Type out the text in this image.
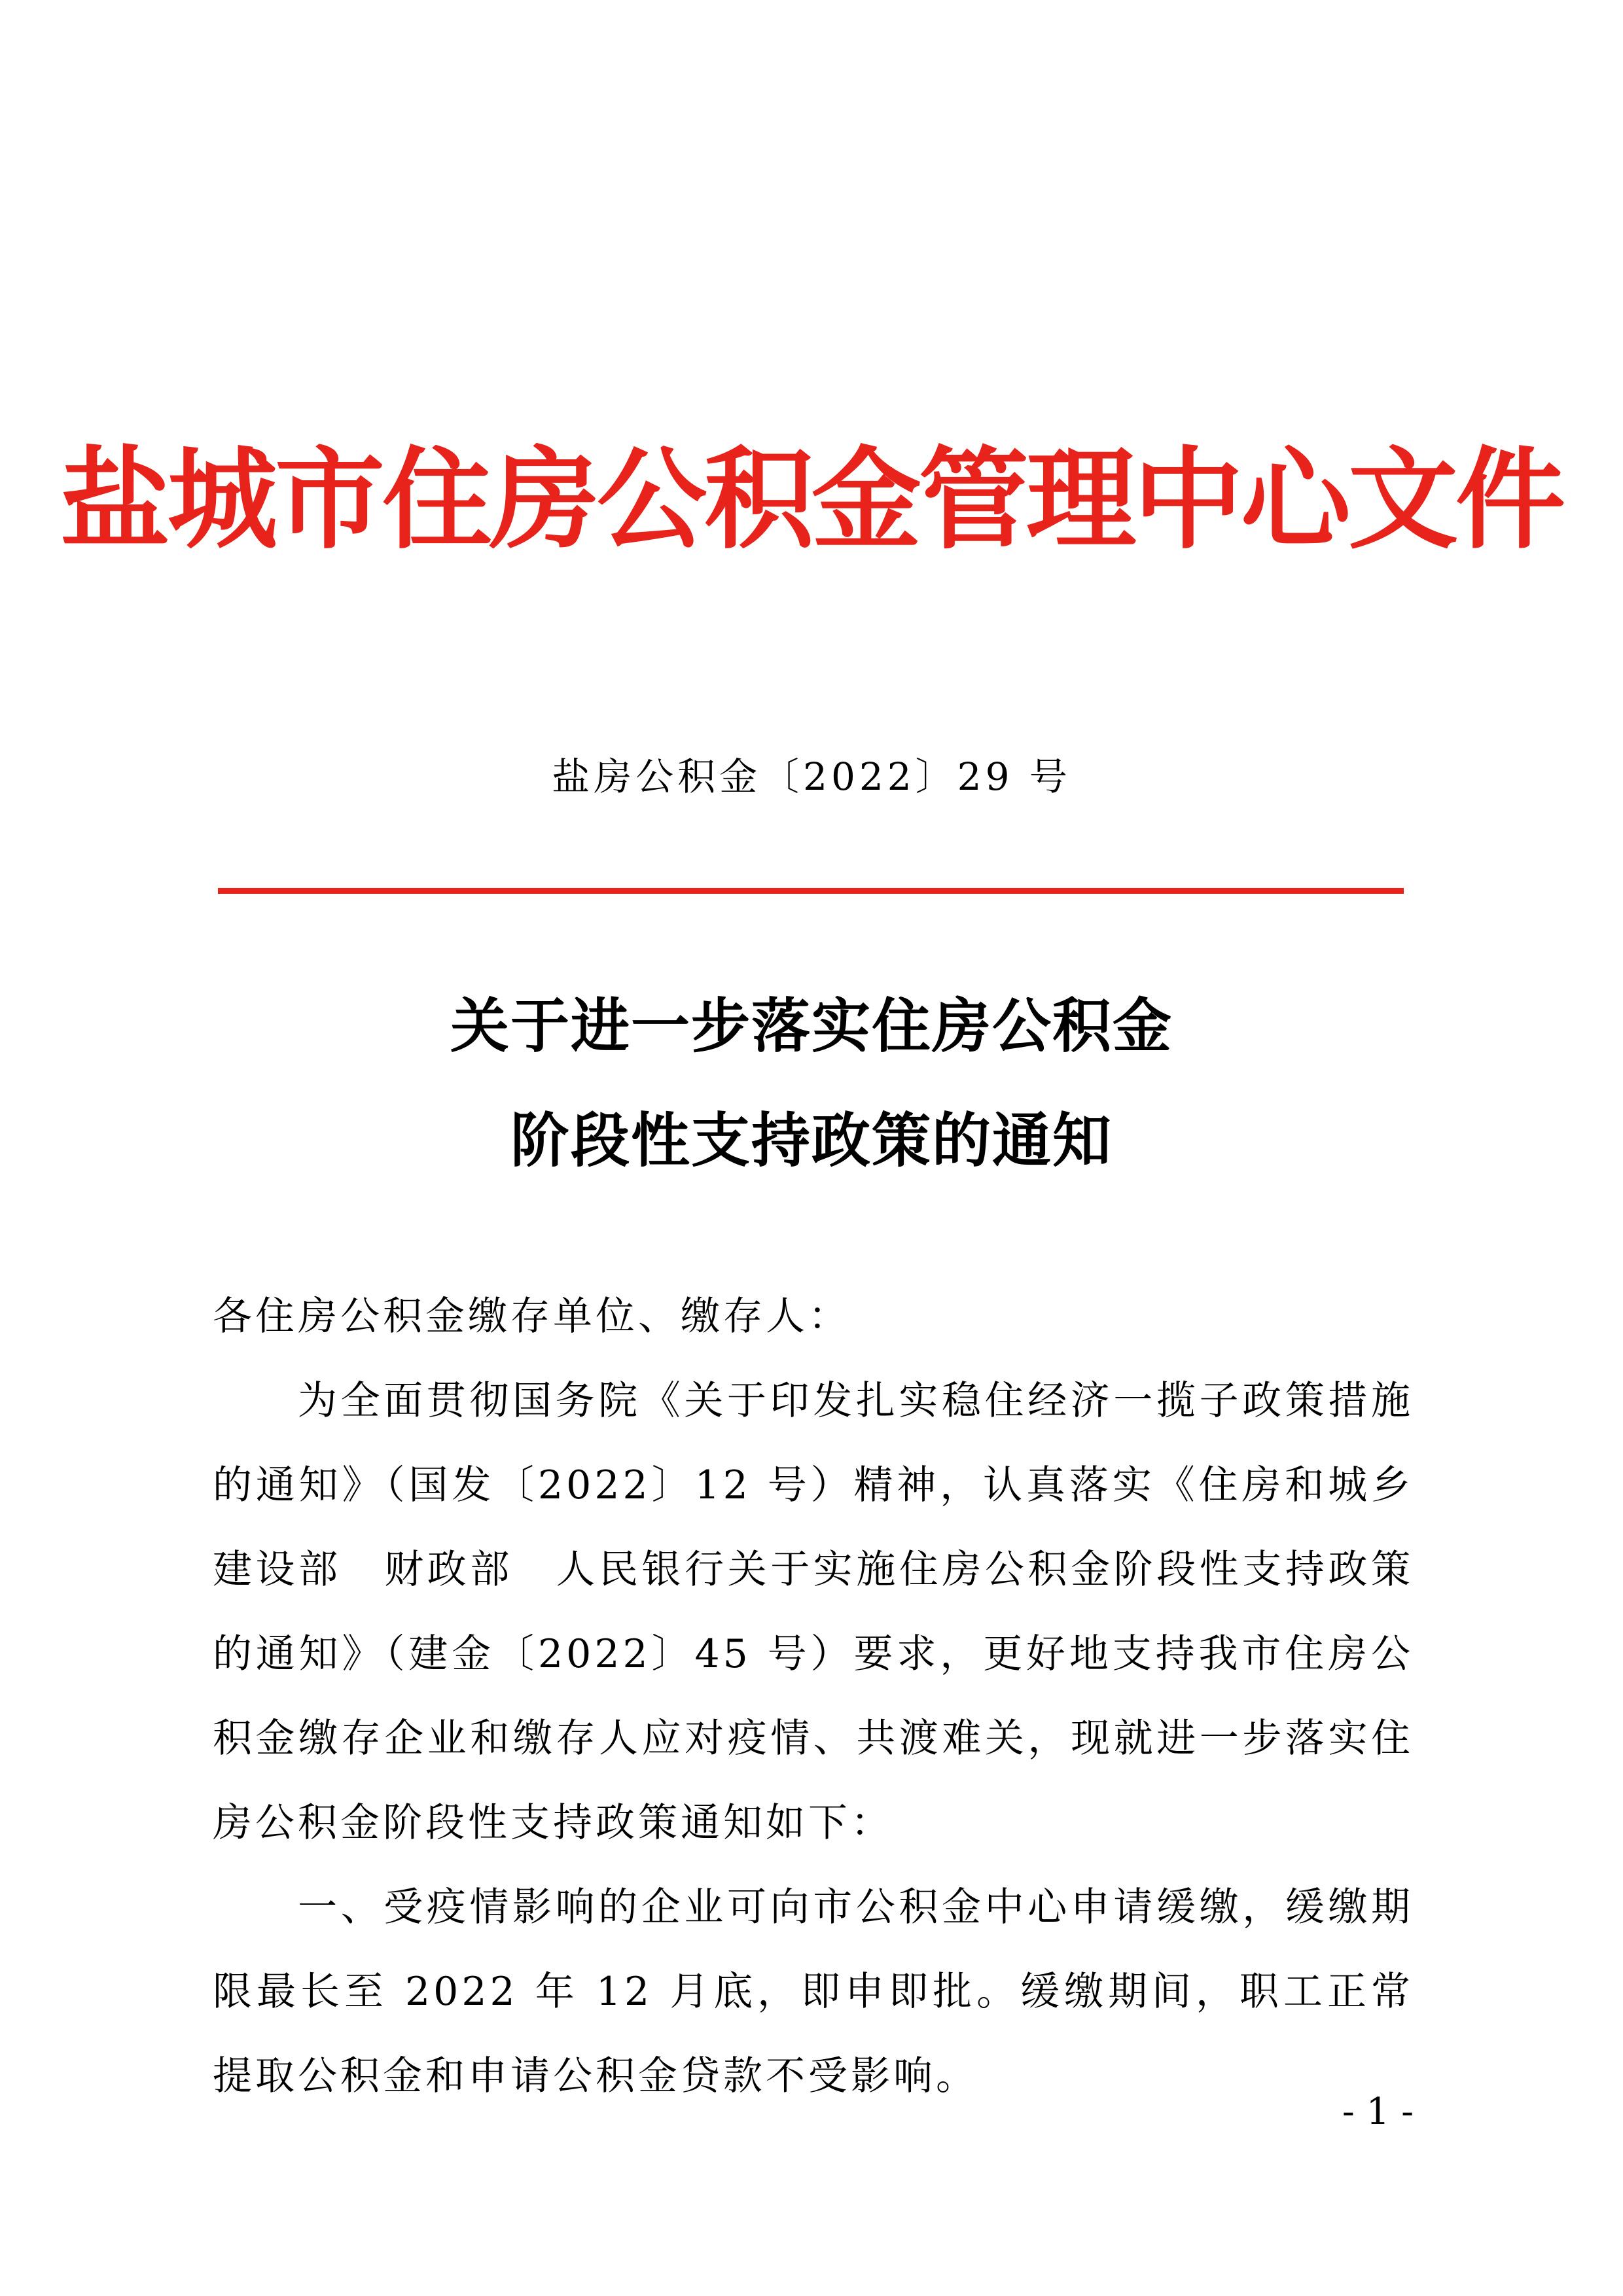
盐城市住房公积金管理中心文件
盐房公积金〔2022〕29 号
关于进一步落实住房公积金
阶段性支持政策的通知

各住房公积金缴存单位、缴存人：

为全面贯彻国务院《关于印发扎实稳住经济一揽子政策措施的通知》（国发〔2022〕12 号）精神，认真落实《住房和城乡建设部　财政部　人民银行关于实施住房公积金阶段性支持政策的通知》（建金〔2022〕45 号）要求，更好地支持我市住房公积金缴存企业和缴存人应对疫情、共渡难关，现就进一步落实住房公积金阶段性支持政策通知如下：

一、受疫情影响的企业可向市公积金中心申请缓缴，缓缴期限最长至 2022 年 12 月底，即申即批。缓缴期间，职工正常提取公积金和申请公积金贷款不受影响。

- 1 -
